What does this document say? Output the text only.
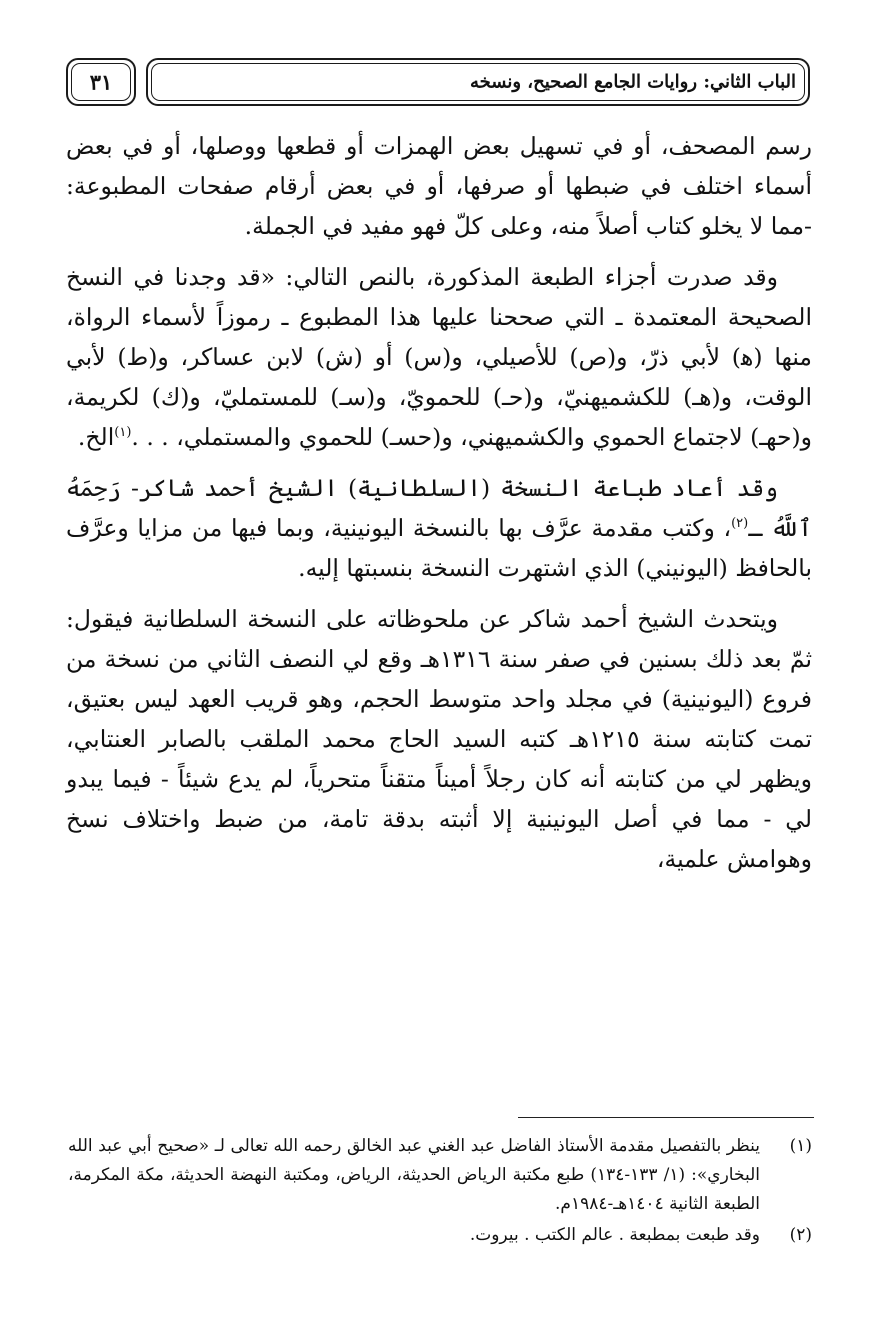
الباب الثاني: روايات الجامع الصحيح، ونسخه
٣١

رسم المصحف، أو في تسهيل بعض الهمزات أو قطعها ووصلها، أو في بعض أسماء اختلف في ضبطها أو صرفها، أو في بعض أرقام صفحات المطبوعة: -مما لا يخلو كتاب أصلاً منه، وعلى كلّ فهو مفيد في الجملة.

وقد صدرت أجزاء الطبعة المذكورة، بالنص التالي: «قد وجدنا في النسخ الصحيحة المعتمدة ـ التي صححنا عليها هذا المطبوع ـ رموزاً لأسماء الرواة، منها (ﻫ) لأبي ذرّ، و(ص) للأصيلي، و(س) أو (ش) لابن عساكر، و(ط) لأبي الوقت، و(هـ) للكشميهنيّ، و(حـ) للحمويّ، و(سـ) للمستمليّ، و(ك) لكريمة، و(حهـ) لاجتماع الحموي والكشميهني، و(حسـ) للحموي والمستملي، . . .$^{(١)}$الخ.

وقد أعاد طباعة النسخة (السلطانية) الشيخ أحمد شاكر- رَحِمَهُ ٱللَّهُ ـ$^{(٢)}$، وكتب مقدمة عرَّف بها بالنسخة اليونينية، وبما فيها من مزايا وعرَّف بالحافظ (اليونيني) الذي اشتهرت النسخة بنسبتها إليه.

ويتحدث الشيخ أحمد شاكر عن ملحوظاته على النسخة السلطانية فيقول: ثمّ بعد ذلك بسنين في صفر سنة ١٣١٦هـ وقع لي النصف الثاني من نسخة من فروع (اليونينية) في مجلد واحد متوسط الحجم، وهو قريب العهد ليس بعتيق، تمت كتابته سنة ١٢١٥هـ كتبه السيد الحاج محمد الملقب بالصابر العنتابي، ويظهر لي من كتابته أنه كان رجلاً أميناً متقناً متحرياً، لم يدع شيئاً - فيما يبدو لي - مما في أصل اليونينية إلا أثبته بدقة تامة، من ضبط واختلاف نسخ وهوامش علمية،

(١)
ينظر بالتفصيل مقدمة الأستاذ الفاضل عبد الغني عبد الخالق رحمه الله تعالى لـ «صحيح أبي عبد الله البخاري»: (١/ ١٣٣-١٣٤) طبع مكتبة الرياض الحديثة، الرياض، ومكتبة النهضة الحديثة، مكة المكرمة، الطبعة الثانية ١٤٠٤هـ-١٩٨٤م.
(٢)
وقد طبعت بمطبعة . عالم الكتب . بيروت.
